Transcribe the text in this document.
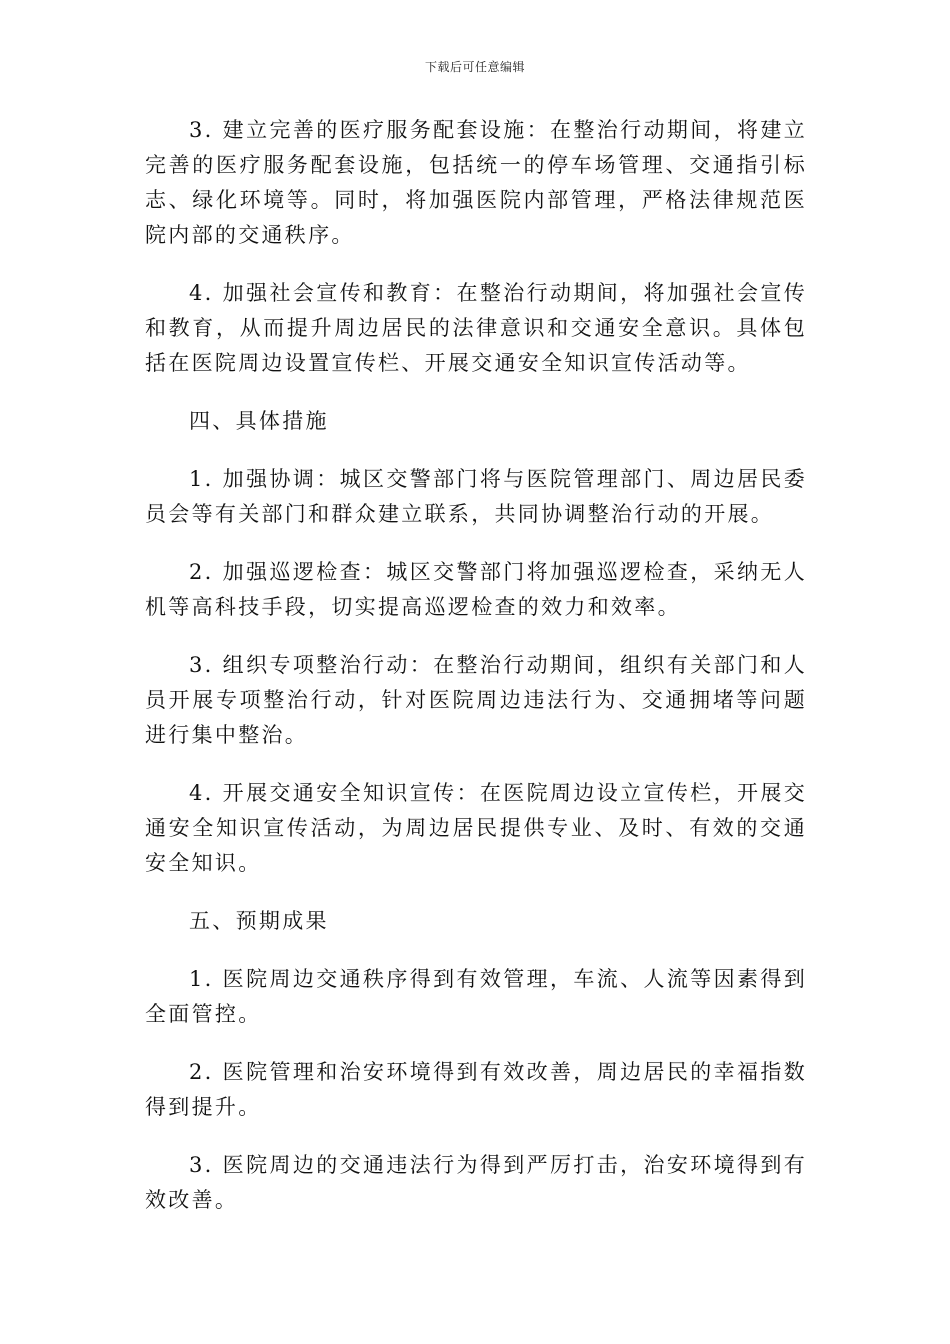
下载后可任意编辑

3. 建立完善的医疗服务配套设施：在整治行动期间，将建立完善的医疗服务配套设施，包括统一的停车场管理、交通指引标志、绿化环境等。同时，将加强医院内部管理，严格法律规范医院内部的交通秩序。

4. 加强社会宣传和教育：在整治行动期间，将加强社会宣传和教育，从而提升周边居民的法律意识和交通安全意识。具体包括在医院周边设置宣传栏、开展交通安全知识宣传活动等。

四、具体措施

1. 加强协调：城区交警部门将与医院管理部门、周边居民委员会等有关部门和群众建立联系，共同协调整治行动的开展。

2. 加强巡逻检查：城区交警部门将加强巡逻检查，采纳无人机等高科技手段，切实提高巡逻检查的效力和效率。

3. 组织专项整治行动：在整治行动期间，组织有关部门和人员开展专项整治行动，针对医院周边违法行为、交通拥堵等问题进行集中整治。

4. 开展交通安全知识宣传：在医院周边设立宣传栏，开展交通安全知识宣传活动，为周边居民提供专业、及时、有效的交通安全知识。

五、预期成果

1. 医院周边交通秩序得到有效管理，车流、人流等因素得到全面管控。

2. 医院管理和治安环境得到有效改善，周边居民的幸福指数得到提升。

3. 医院周边的交通违法行为得到严厉打击，治安环境得到有效改善。
